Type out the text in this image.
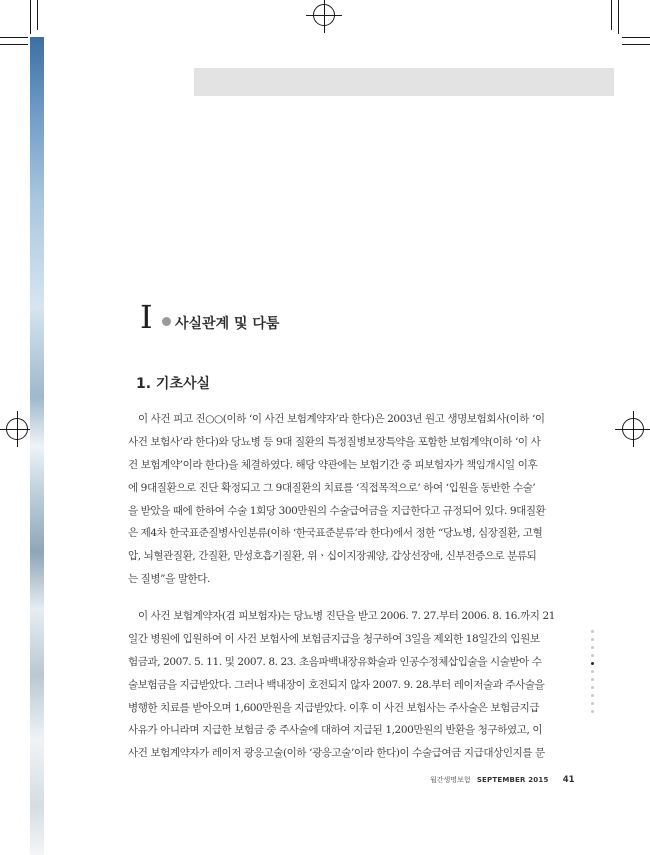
I 사실관계 및 다툼
1. 기초사실

이 사건 피고 진○○(이하 ‘이 사건 보험계약자’라 한다)은 2003년 원고 생명보험회사(이하 ‘이
사건 보험사’라 한다)와 당뇨병 등 9대 질환의 특정질병보장특약을 포함한 보험계약(이하 ‘이 사
건 보험계약’이라 한다)을 체결하였다. 해당 약관에는 보험기간 중 피보험자가 책임개시일 이후
에 9대질환으로 진단 확정되고 그 9대질환의 치료를 ‘직접목적으로’ 하여 ‘입원을 동반한 수술’
을 받았을 때에 한하여 수술 1회당 300만원의 수술급여금을 지급한다고 규정되어 있다. 9대질환
은 제4차 한국표준질병사인분류(이하 ‘한국표준분류’라 한다)에서 정한 “당뇨병, 심장질환, 고혈
압, 뇌혈관질환, 간질환, 만성호흡기질환, 위ㆍ십이지장궤양, 갑상선장애, 신부전증으로 분류되
는 질병”을 말한다.

이 사건 보험계약자(겸 피보험자)는 당뇨병 진단을 받고 2006. 7. 27.부터 2006. 8. 16.까지 21
일간 병원에 입원하여 이 사건 보험사에 보험금지급을 청구하여 3일을 제외한 18일간의 입원보
험금과, 2007. 5. 11. 및 2007. 8. 23. 초음파백내장유화술과 인공수정체삽입술을 시술받아 수
술보험금을 지급받았다. 그러나 백내장이 호전되지 않자 2007. 9. 28.부터 레이저술과 주사술을
병행한 치료를 받아오며 1,600만원을 지급받았다. 이후 이 사건 보험사는 주사술은 보험금지급
사유가 아니라며 지급한 보험금 중 주사술에 대하여 지급된 1,200만원의 반환을 청구하였고, 이
사건 보험계약자가 레이저 광응고술(이하 ‘광응고술’이라 한다)이 수술급여금 지급대상인지를 문

월간생명보험 SEPTEMBER 2015 41
